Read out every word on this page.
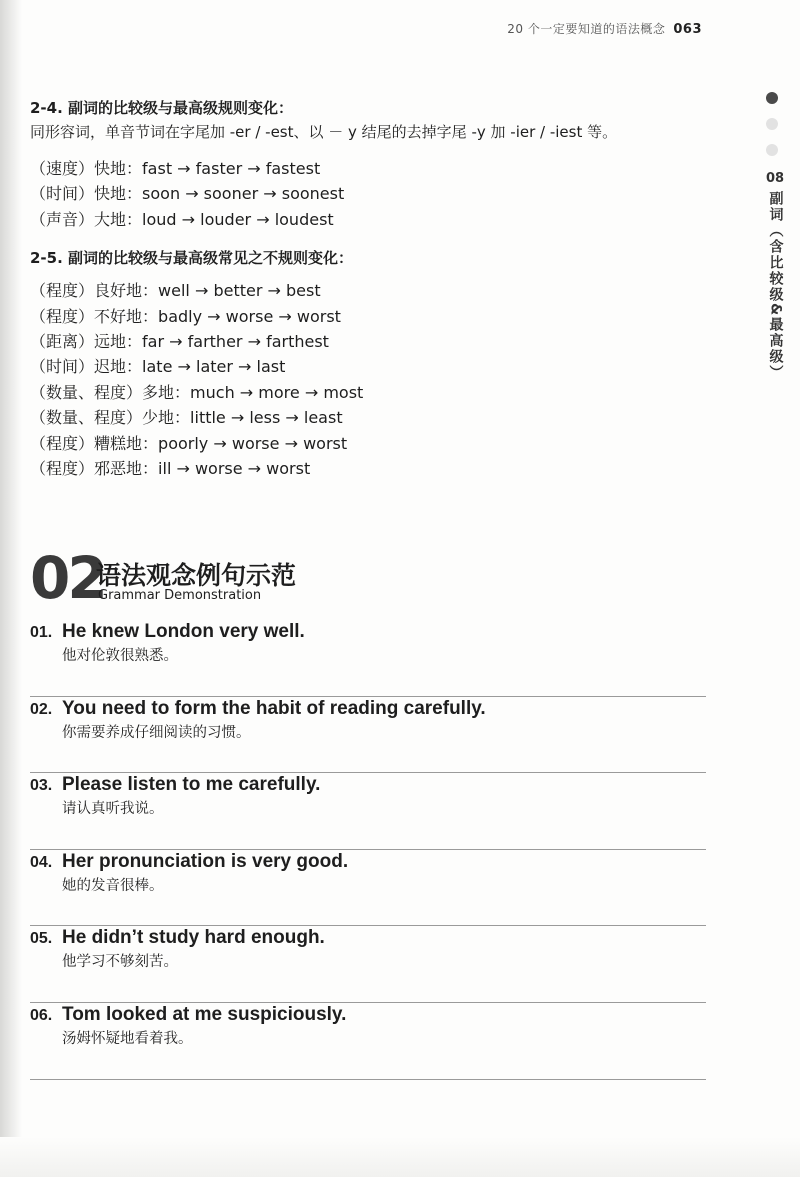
20 个一定要知道的语法概念 063
08
副词（含比较级&最高级）
2-4. 副词的比较级与最高级规则变化：
同形容词，单音节词在字尾加 -er / -est、以 － y 结尾的去掉字尾 -y 加 -ier / -iest 等。
（速度）快地：fast → faster → fastest
（时间）快地：soon → sooner → soonest
（声音）大地：loud → louder → loudest
2-5. 副词的比较级与最高级常见之不规则变化：
（程度）良好地：well → better → best
（程度）不好地：badly → worse → worst
（距离）远地：far → farther → farthest
（时间）迟地：late → later → last
（数量、程度）多地：much → more → most
（数量、程度）少地：little → less → least
（程度）糟糕地：poorly → worse → worst
（程度）邪恶地：ill → worse → worst
02
语法观念例句示范
Grammar Demonstration
01. He knew London very well.
他对伦敦很熟悉。
02. You need to form the habit of reading carefully.
你需要养成仔细阅读的习惯。
03. Please listen to me carefully.
请认真听我说。
04. Her pronunciation is very good.
她的发音很棒。
05. He didn’t study hard enough.
他学习不够刻苦。
06. Tom looked at me suspiciously.
汤姆怀疑地看着我。
